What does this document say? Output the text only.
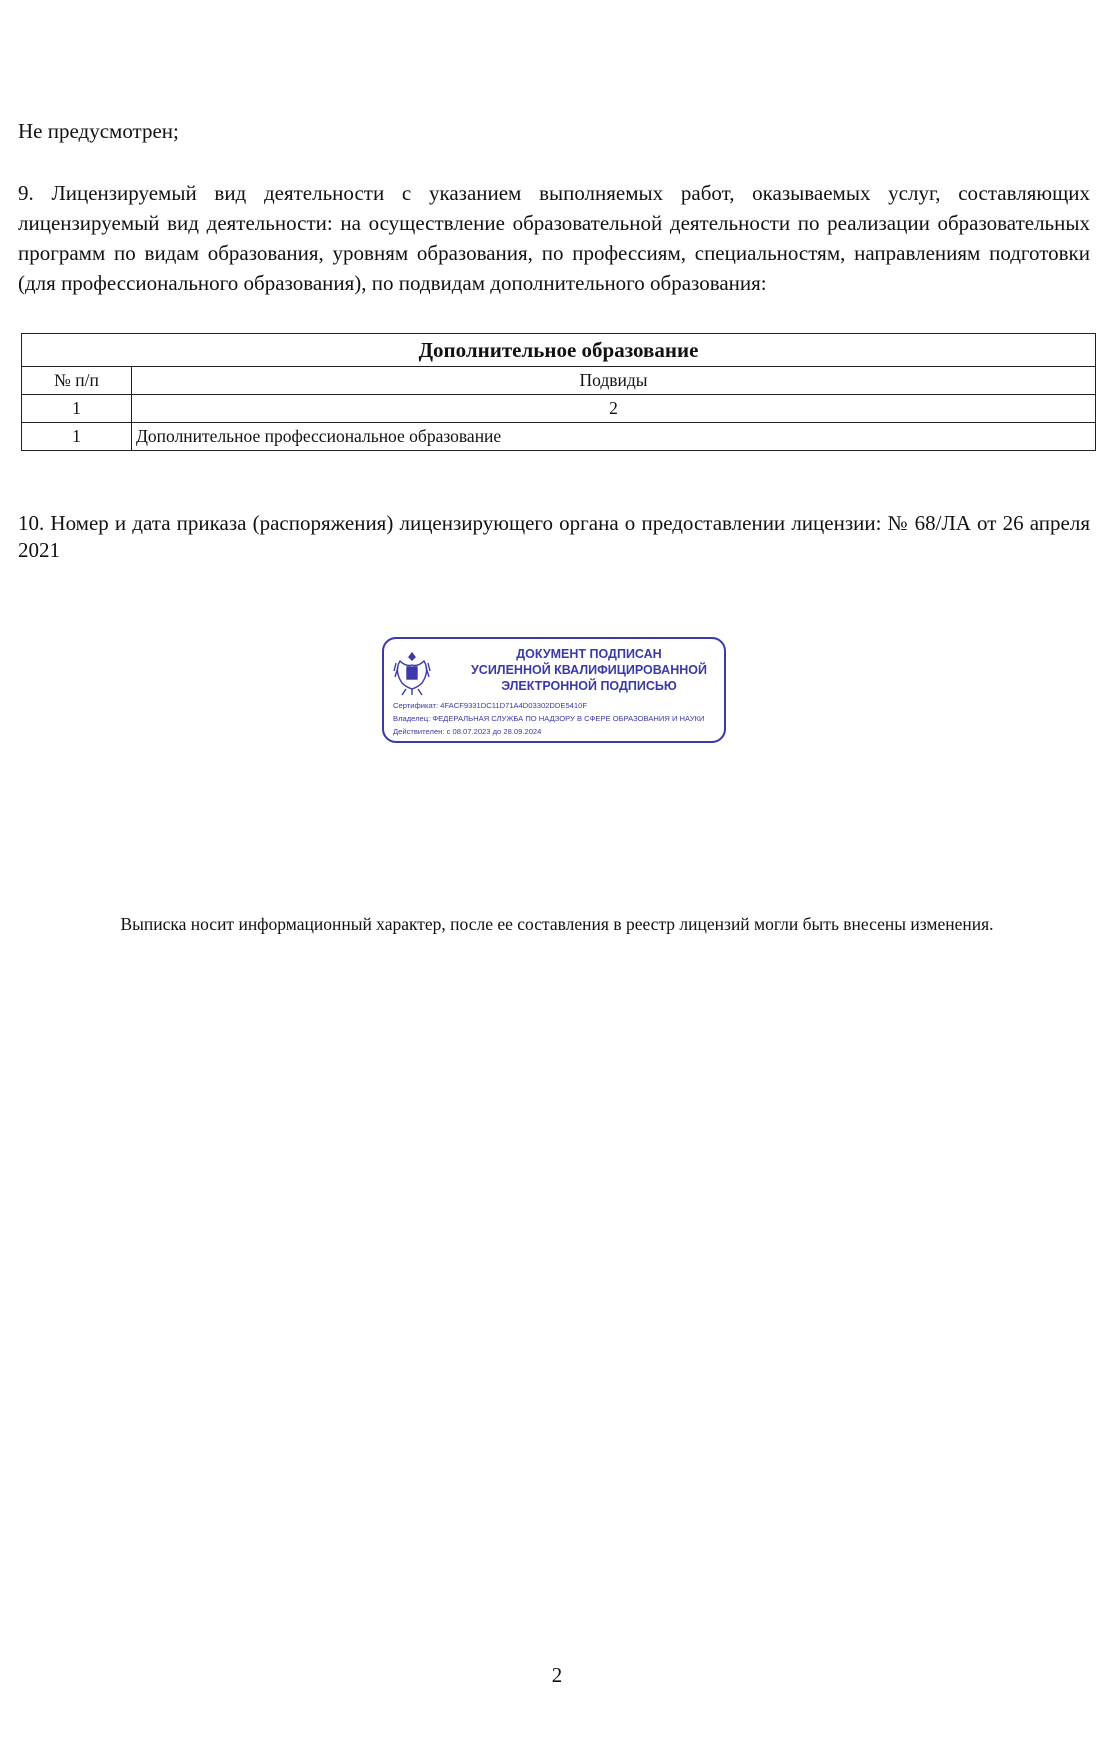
Не предусмотрен;

9. Лицензируемый вид деятельности с указанием выполняемых работ, оказываемых услуг, составляющих лицензируемый вид деятельности: на осуществление образовательной деятельности по реализации образовательных программ по видам образования, уровням образования, по профессиям, специальностям, направлениям подготовки (для профессионального образования), по подвидам дополнительного образования:

Дополнительное образование	
№ п/п	Подвиды
1	2
1	Дополнительное профессиональное образование

10. Номер и дата приказа (распоряжения) лицензирующего органа о предоставлении лицензии: № 68/ЛА от 26 апреля 2021

ДОКУМЕНТ ПОДПИСАН
УСИЛЕННОЙ КВАЛИФИЦИРОВАННОЙ
ЭЛЕКТРОННОЙ ПОДПИСЬЮ
Сертификат: 4FACF9331DC11D71A4D03302DDE5410F
Владелец: ФЕДЕРАЛЬНАЯ СЛУЖБА ПО НАДЗОРУ В СФЕРЕ ОБРАЗОВАНИЯ И НАУКИ
Действителен: с 08.07.2023 до 28.09.2024
Выписка носит информационный характер, после ее составления в реестр лицензий могли быть внесены изменения.
2
